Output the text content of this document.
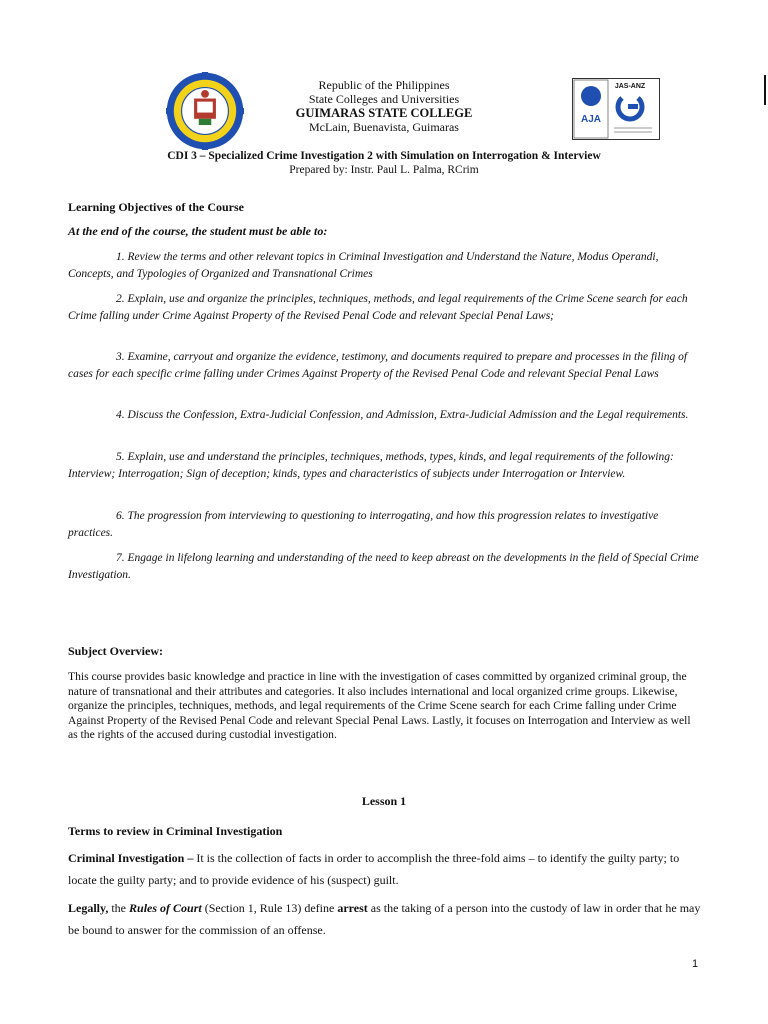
AJA
JAS-ANZ
Republic of the Philippines
State Colleges and Universities
GUIMARAS STATE COLLEGE
McLain, Buenavista, Guimaras
CDI 3 – Specialized Crime Investigation 2 with Simulation on Interrogation & Interview
Prepared by: Instr. Paul L. Palma, RCrim
Learning Objectives of the Course
At the end of the course, the student must be able to:

1. Review the terms and other relevant topics in Criminal Investigation and Understand the Nature, Modus Operandi, Concepts, and Typologies of Organized and Transnational Crimes

2. Explain, use and organize the principles, techniques, methods, and legal requirements of the Crime Scene search for each Crime falling under Crime Against Property of the Revised Penal Code and relevant Special Penal Laws;

3. Examine, carryout and organize the evidence, testimony, and documents required to prepare and processes in the filing of cases for each specific crime falling under Crimes Against Property of the Revised Penal Code and relevant Special Penal Laws

4. Discuss the Confession, Extra-Judicial Confession, and Admission, Extra-Judicial Admission and the Legal requirements.

5. Explain, use and understand the principles, techniques, methods, types, kinds, and legal requirements of the following: Interview; Interrogation; Sign of deception; kinds, types and characteristics of subjects under Interrogation or Interview.

6. The progression from interviewing to questioning to interrogating, and how this progression relates to investigative practices.

7. Engage in lifelong learning and understanding of the need to keep abreast on the developments in the field of Special Crime Investigation.

Subject Overview:

This course provides basic knowledge and practice in line with the investigation of cases committed by organized criminal group, the nature of transnational and their attributes and categories. It also includes international and local organized crime groups. Likewise, organize the principles, techniques, methods, and legal requirements of the Crime Scene search for each Crime falling under Crime Against Property of the Revised Penal Code and relevant Special Penal Laws. Lastly, it focuses on Interrogation and Interview as well as the rights of the accused during custodial investigation.

Lesson 1
Terms to review in Criminal Investigation

Criminal Investigation – It is the collection of facts in order to accomplish the three-fold aims – to identify the guilty party; to locate the guilty party; and to provide evidence of his (suspect) guilt.

Legally, the Rules of Court (Section 1, Rule 13) define arrest as the taking of a person into the custody of law in order that he may be bound to answer for the commission of an offense.

1
